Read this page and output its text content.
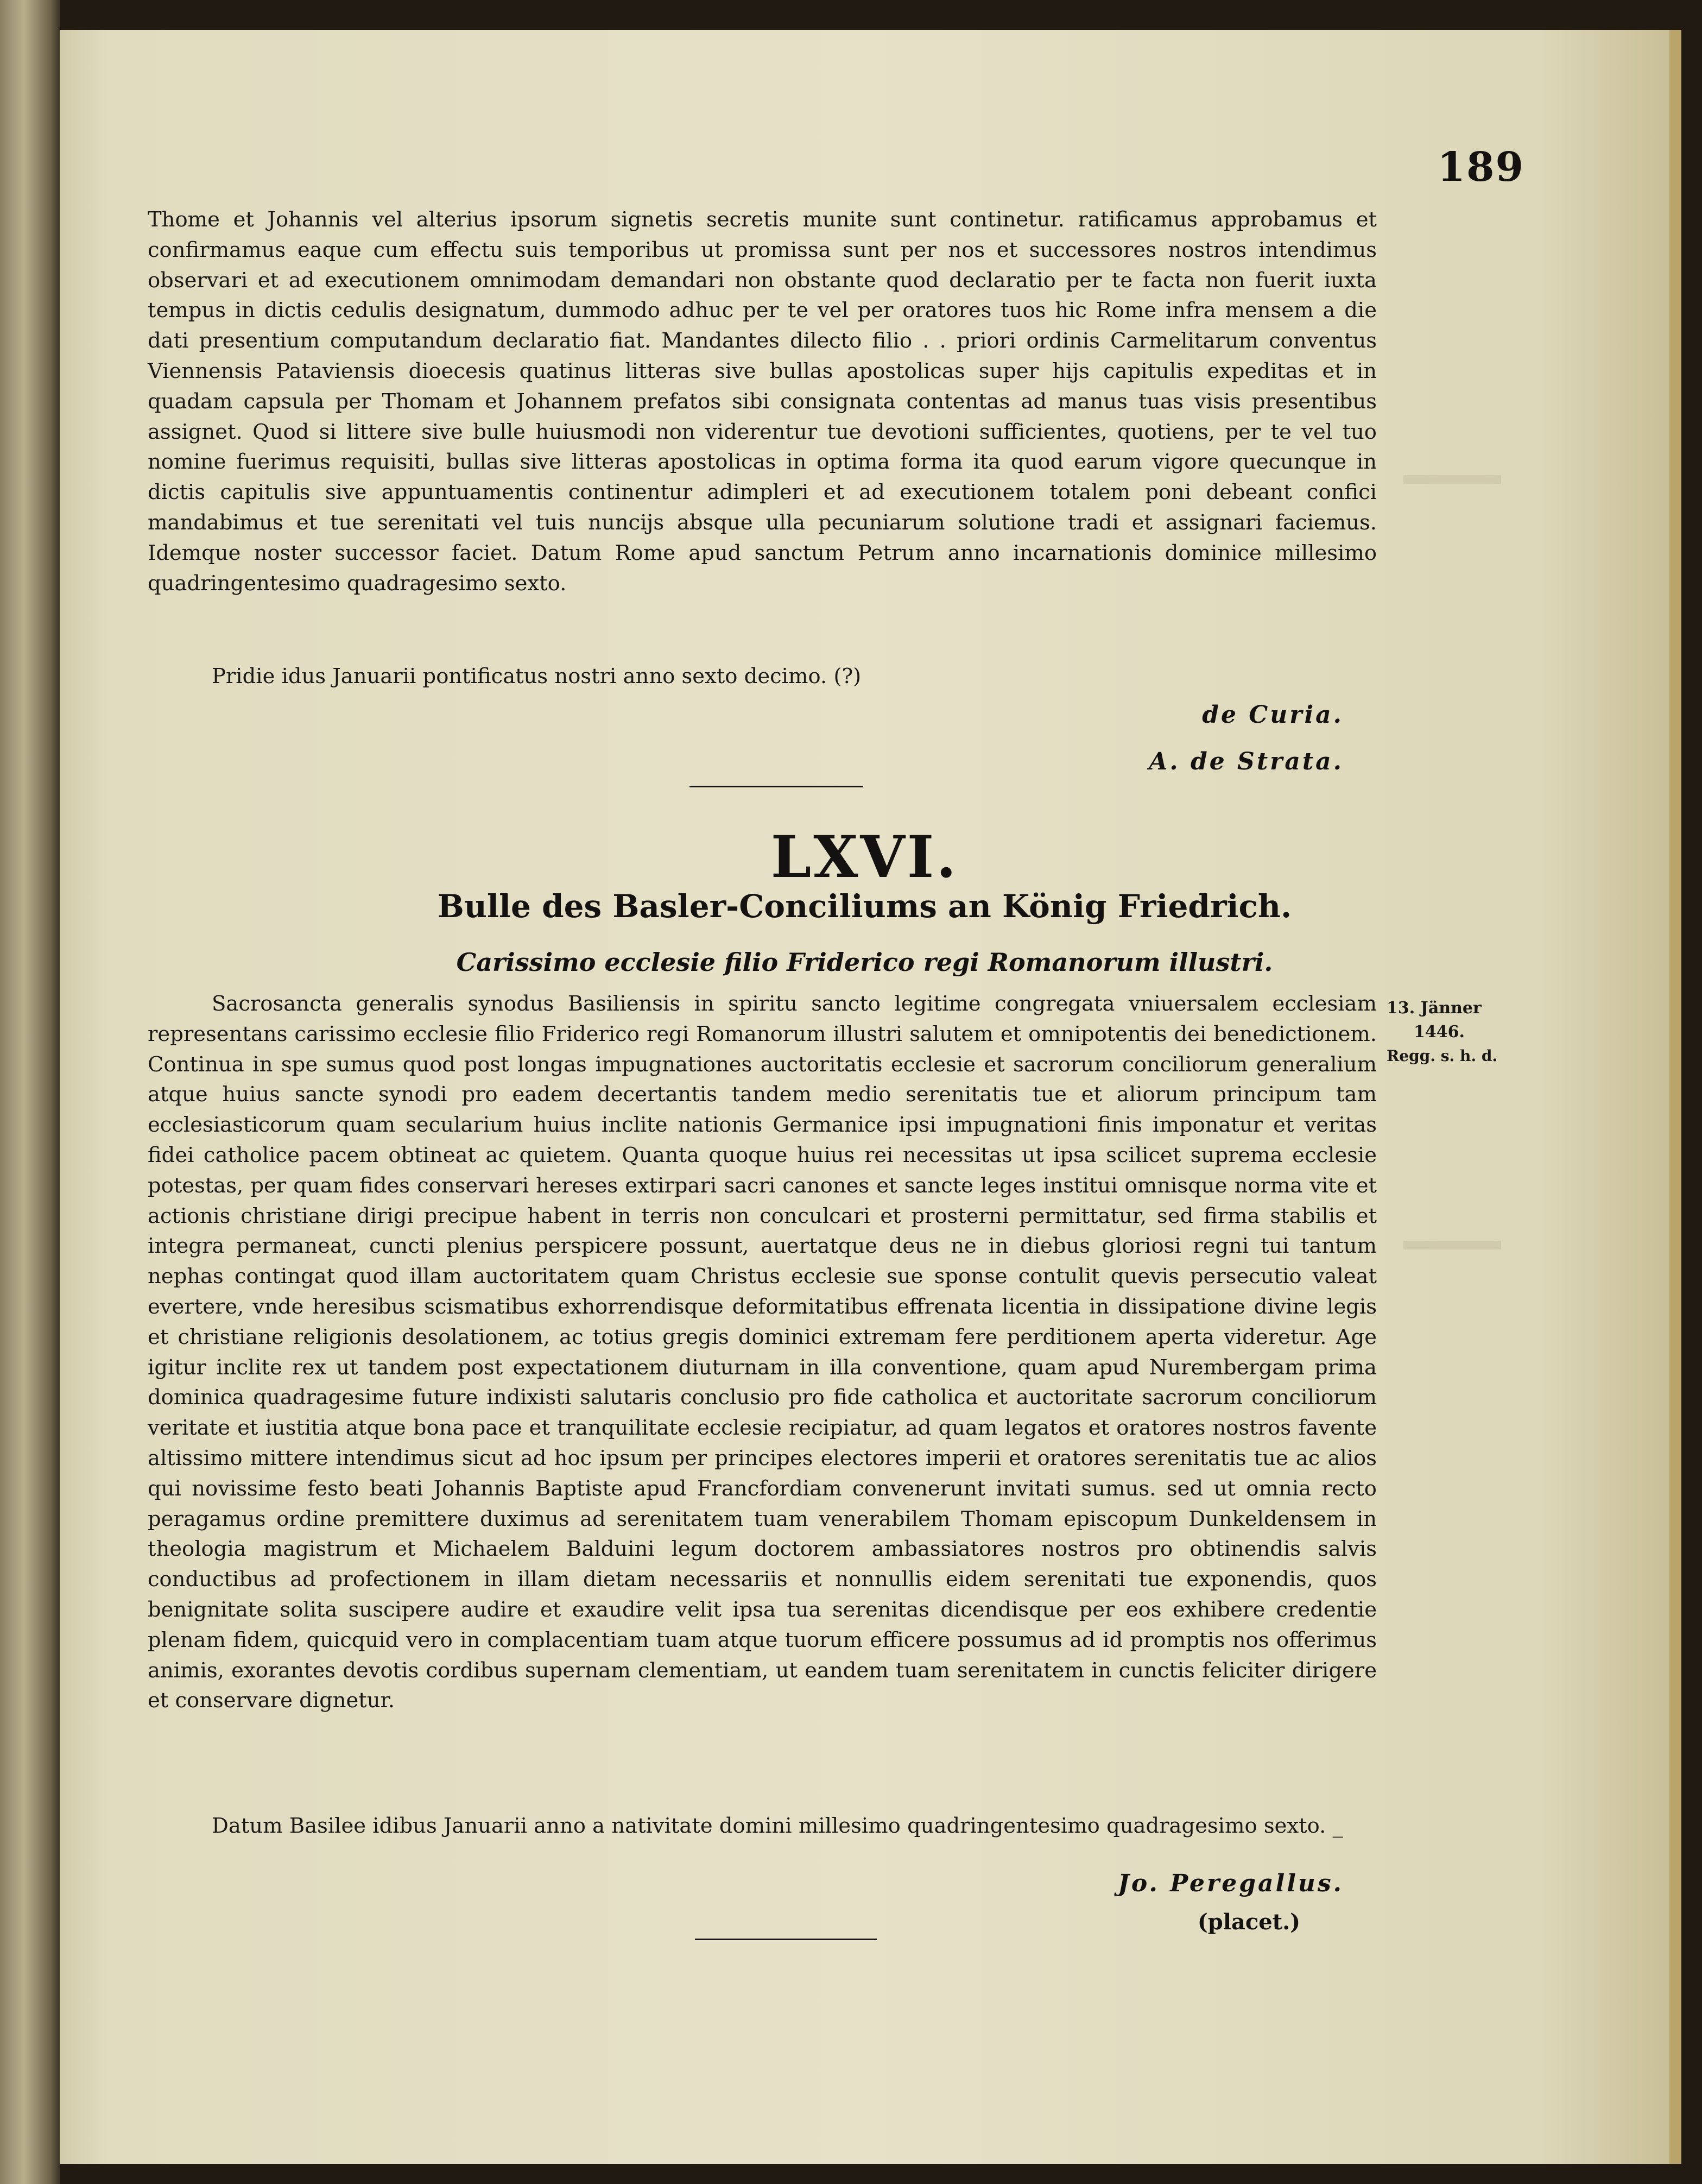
189

Thome et Johannis vel alterius ipsorum signetis secretis munite sunt continetur. ratificamus approbamus et confirmamus eaque cum effectu suis temporibus ut promissa sunt per nos et successores nostros intendimus observari et ad executionem omnimodam demandari non obstante quod declaratio per te facta non fuerit iuxta tempus in dictis cedulis designatum, dummodo adhuc per te vel per oratores tuos hic Rome infra mensem a die dati presentium computandum declaratio fiat. Mandantes dilecto filio . . priori ordinis Carmelitarum conventus Viennensis Pataviensis dioecesis quatinus litteras sive bullas apostolicas super hijs capitulis expeditas et in quadam capsula per Thomam et Johannem prefatos sibi consignata contentas ad manus tuas visis presentibus assignet. Quod si littere sive bulle huiusmodi non viderentur tue devotioni sufficientes, quotiens, per te vel tuo nomine fuerimus requisiti, bullas sive litteras apostolicas in optima forma ita quod earum vigore quecunque in dictis capitulis sive appuntuamentis continentur adimpleri et ad executionem totalem poni debeant confici mandabimus et tue serenitati vel tuis nuncijs absque ulla pecuniarum solutione tradi et assignari faciemus. Idemque noster successor faciet. Datum Rome apud sanctum Petrum anno incarnationis dominice millesimo quadringentesimo quadragesimo sexto.

Pridie idus Januarii pontificatus nostri anno sexto decimo. (?)

de Curia.
A. de Strata.
LXVI.
Bulle des Basler-Conciliums an König Friedrich.
Carissimo ecclesie filio Friderico regi Romanorum illustri.
13. Jänner
1446.
Regg. s. h. d.

Sacrosancta generalis synodus Basiliensis in spiritu sancto legitime congregata vniuersalem ecclesiam representans carissimo ecclesie filio Friderico regi Romanorum illustri salutem et omnipotentis dei benedictionem. Continua in spe sumus quod post longas impugnationes auctoritatis ecclesie et sacrorum conciliorum generalium atque huius sancte synodi pro eadem decertantis tandem medio serenitatis tue et aliorum principum tam ecclesiasticorum quam secularium huius inclite nationis Germanice ipsi impugnationi finis imponatur et veritas fidei catholice pacem obtineat ac quietem. Quanta quoque huius rei necessitas ut ipsa scilicet suprema ecclesie potestas, per quam fides conservari hereses extirpari sacri canones et sancte leges institui omnisque norma vite et actionis christiane dirigi precipue habent in terris non conculcari et prosterni permittatur, sed firma stabilis et integra permaneat, cuncti plenius perspicere possunt, auertatque deus ne in diebus gloriosi regni tui tantum nephas contingat quod illam auctoritatem quam Christus ecclesie sue sponse contulit quevis persecutio valeat evertere, vnde heresibus scismatibus exhorrendisque deformitatibus effrenata licentia in dissipatione divine legis et christiane religionis desolationem, ac totius gregis dominici extremam fere perditionem aperta videretur. Age igitur inclite rex ut tandem post expectationem diuturnam in illa conventione, quam apud Nurembergam prima dominica quadragesime future indixisti salutaris conclusio pro fide catholica et auctoritate sacrorum conciliorum veritate et iustitia atque bona pace et tranquilitate ecclesie recipiatur, ad quam legatos et oratores nostros favente altissimo mittere intendimus sicut ad hoc ipsum per principes electores imperii et oratores serenitatis tue ac alios qui novissime festo beati Johannis Baptiste apud Francfordiam convenerunt invitati sumus. sed ut omnia recto peragamus ordine premittere duximus ad serenitatem tuam venerabilem Thomam episcopum Dunkeldensem in theologia magistrum et Michaelem Balduini legum doctorem ambassiatores nostros pro obtinendis salvis conductibus ad profectionem in illam dietam necessariis et nonnullis eidem serenitati tue exponendis, quos benignitate solita suscipere audire et exaudire velit ipsa tua serenitas dicendisque per eos exhibere credentie plenam fidem, quicquid vero in complacentiam tuam atque tuorum efficere possumus ad id promptis nos offerimus animis, exorantes devotis cordibus supernam clementiam, ut eandem tuam serenitatem in cunctis feliciter dirigere et conservare dignetur.

Datum Basilee idibus Januarii anno a nativitate domini millesimo quadringentesimo quadragesimo sexto. _

Jo. Peregallus.
(placet.)
